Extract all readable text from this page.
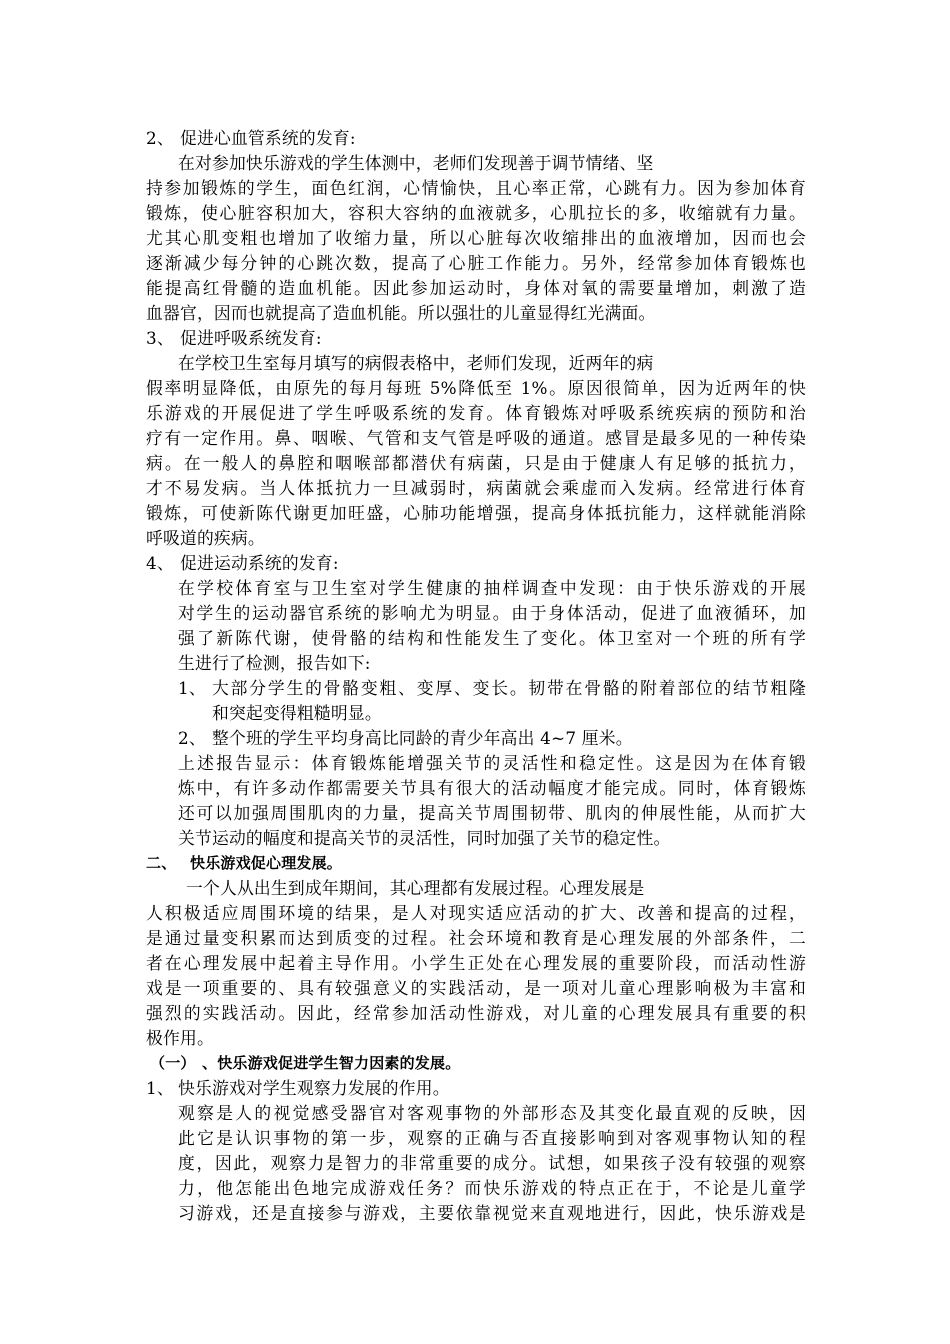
2、 促进心血管系统的发育:

在对参加快乐游戏的学生体测中，老师们发现善于调节情绪、坚

持参加锻炼的学生，面色红润，心情愉快，且心率正常，心跳有力。因为参加体育

锻炼，使心脏容积加大，容积大容纳的血液就多，心肌拉长的多，收缩就有力量。

尤其心肌变粗也增加了收缩力量，所以心脏每次收缩排出的血液增加，因而也会

逐渐减少每分钟的心跳次数，提高了心脏工作能力。另外，经常参加体育锻炼也

能提高红骨髓的造血机能。因此参加运动时，身体对氧的需要量增加，刺激了造

血器官，因而也就提高了造血机能。所以强壮的儿童显得红光满面。

3、 促进呼吸系统发育:

在学校卫生室每月填写的病假表格中，老师们发现，近两年的病

假率明显降低，由原先的每月每班 5%降低至 1%。原因很简单，因为近两年的快

乐游戏的开展促进了学生呼吸系统的发育。体育锻炼对呼吸系统疾病的预防和治

疗有一定作用。鼻、咽喉、气管和支气管是呼吸的通道。感冒是最多见的一种传染

病。在一般人的鼻腔和咽喉部都潜伏有病菌，只是由于健康人有足够的抵抗力，

才不易发病。当人体抵抗力一旦减弱时，病菌就会乘虚而入发病。经常进行体育

锻炼，可使新陈代谢更加旺盛，心肺功能增强，提高身体抵抗能力，这样就能消除

呼吸道的疾病。

4、 促进运动系统的发育:

在学校体育室与卫生室对学生健康的抽样调查中发现：由于快乐游戏的开展

对学生的运动器官系统的影响尤为明显。由于身体活动，促进了血液循环，加

强了新陈代谢，使骨骼的结构和性能发生了变化。体卫室对一个班的所有学

生进行了检测，报告如下:

1、 大部分学生的骨骼变粗、变厚、变长。韧带在骨骼的附着部位的结节粗隆

和突起变得粗糙明显。

2、 整个班的学生平均身高比同龄的青少年高出 4~7 厘米。

上述报告显示：体育锻炼能增强关节的灵活性和稳定性。这是因为在体育锻

炼中，有许多动作都需要关节具有很大的活动幅度才能完成。同时，体育锻炼

还可以加强周围肌肉的力量，提高关节周围韧带、肌肉的伸展性能，从而扩大

关节运动的幅度和提高关节的灵活性，同时加强了关节的稳定性。

二、 快乐游戏促心理发展。

一个人从出生到成年期间，其心理都有发展过程。心理发展是

人积极适应周围环境的结果，是人对现实适应活动的扩大、改善和提高的过程，

是通过量变积累而达到质变的过程。社会环境和教育是心理发展的外部条件，二

者在心理发展中起着主导作用。小学生正处在心理发展的重要阶段，而活动性游

戏是一项重要的、具有较强意义的实践活动，是一项对儿童心理影响极为丰富和

强烈的实践活动。因此，经常参加活动性游戏，对儿童的心理发展具有重要的积

极作用。

（一） 、快乐游戏促进学生智力因素的发展。

1、 快乐游戏对学生观察力发展的作用。

观察是人的视觉感受器官对客观事物的外部形态及其变化最直观的反映，因

此它是认识事物的第一步，观察的正确与否直接影响到对客观事物认知的程

度，因此，观察力是智力的非常重要的成分。试想，如果孩子没有较强的观察

力，他怎能出色地完成游戏任务？而快乐游戏的特点正在于，不论是儿童学

习游戏，还是直接参与游戏，主要依靠视觉来直观地进行，因此，快乐游戏是
